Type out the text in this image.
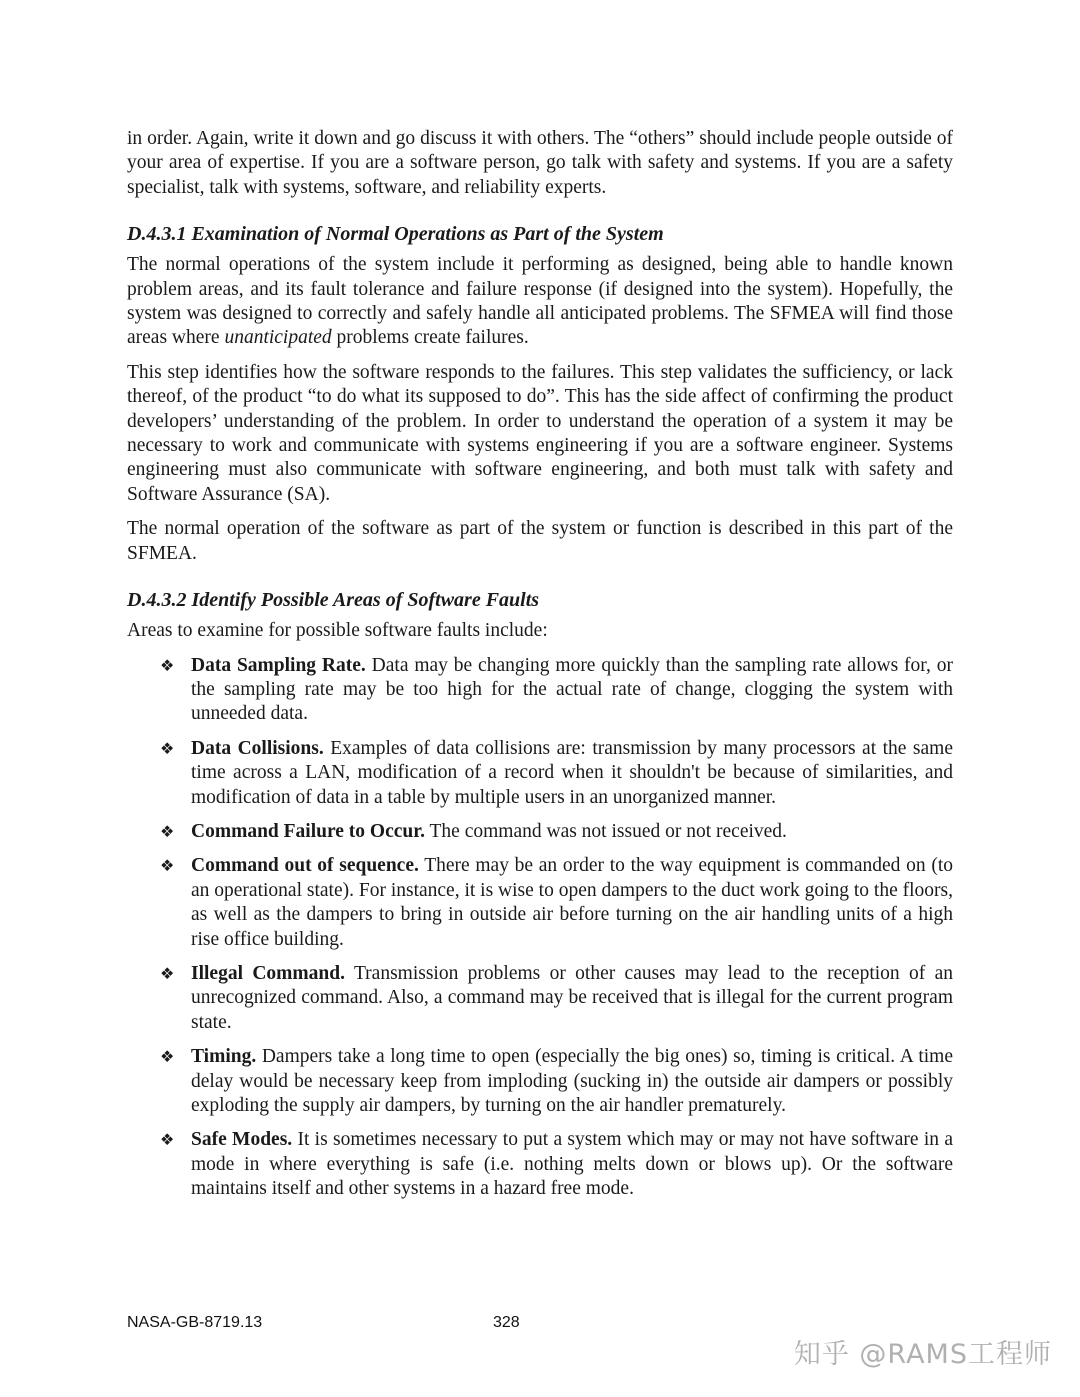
in order. Again, write it down and go discuss it with others. The “others” should include people outside of your area of expertise. If you are a software person, go talk with safety and systems. If you are a safety specialist, talk with systems, software, and reliability experts.

D.4.3.1 Examination of Normal Operations as Part of the System

The normal operations of the system include it performing as designed, being able to handle known problem areas, and its fault tolerance and failure response (if designed into the system). Hopefully, the system was designed to correctly and safely handle all anticipated problems. The SFMEA will find those areas where unanticipated problems create failures.

This step identifies how the software responds to the failures. This step validates the sufficiency, or lack thereof, of the product “to do what its supposed to do”. This has the side affect of confirming the product developers’ understanding of the problem. In order to understand the operation of a system it may be necessary to work and communicate with systems engineering if you are a software engineer. Systems engineering must also communicate with software engineering, and both must talk with safety and Software Assurance (SA).

The normal operation of the software as part of the system or function is described in this part of the SFMEA.

D.4.3.2 Identify Possible Areas of Software Faults

Areas to examine for possible software faults include:

❖ Data Sampling Rate. Data may be changing more quickly than the sampling rate allows for, or the sampling rate may be too high for the actual rate of change, clogging the system with unneeded data.
❖ Data Collisions. Examples of data collisions are: transmission by many processors at the same time across a LAN, modification of a record when it shouldn't be because of similarities, and modification of data in a table by multiple users in an unorganized manner.
❖ Command Failure to Occur. The command was not issued or not received.
❖ Command out of sequence. There may be an order to the way equipment is commanded on (to an operational state). For instance, it is wise to open dampers to the duct work going to the floors, as well as the dampers to bring in outside air before turning on the air handling units of a high rise office building.
❖ Illegal Command. Transmission problems or other causes may lead to the reception of an unrecognized command. Also, a command may be received that is illegal for the current program state.
❖ Timing. Dampers take a long time to open (especially the big ones) so, timing is critical. A time delay would be necessary keep from imploding (sucking in) the outside air dampers or possibly exploding the supply air dampers, by turning on the air handler prematurely.
❖ Safe Modes. It is sometimes necessary to put a system which may or may not have software in a mode in where everything is safe (i.e. nothing melts down or blows up). Or the software maintains itself and other systems in a hazard free mode.
NASA-GB-8719.13	328
知乎 @RAMS工程师
